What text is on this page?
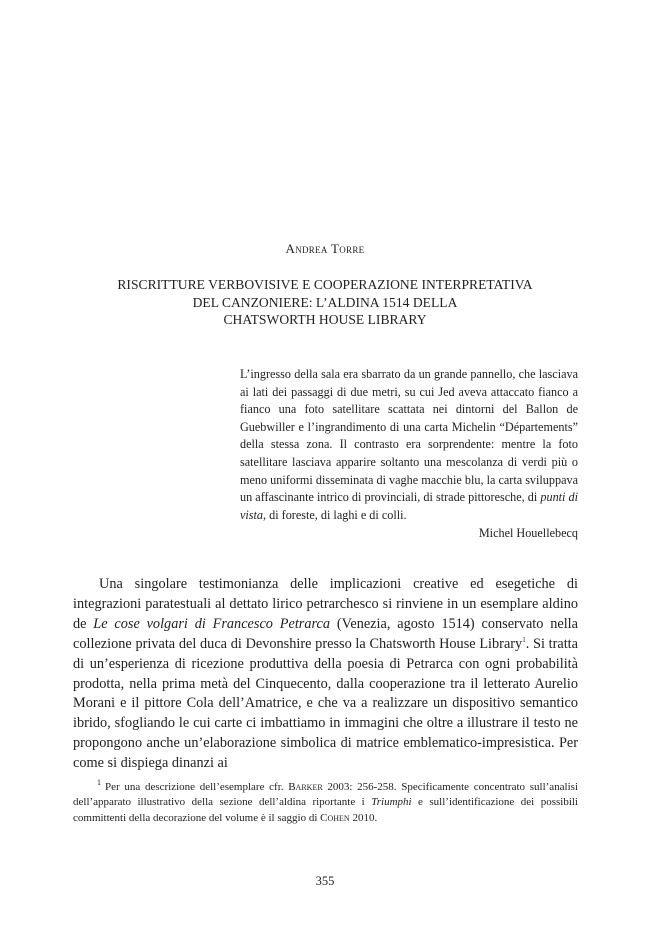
Andrea Torre
RISCRITTURE VERBOVISIVE E COOPERAZIONE INTERPRETATIVA
DEL CANZONIERE: L’ALDINA 1514 DELLA
CHATSWORTH HOUSE LIBRARY

L’ingresso della sala era sbarrato da un grande pannello, che lasciava ai lati dei passaggi di due metri, su cui Jed aveva attaccato fianco a fianco una foto satellitare scattata nei dintorni del Ballon de Guebwiller e l’ingrandimento di una carta Michelin “Départements” della stessa zona. Il contrasto era sorprendente: mentre la foto satellitare lasciava apparire soltanto una mescolanza di verdi più o meno uniformi disseminata di vaghe macchie blu, la carta sviluppava un affascinante intrico di provinciali, di strade pittoresche, di punti di vista, di foreste, di laghi e di colli.

Michel Houellebecq

Una singolare testimonianza delle implicazioni creative ed esegetiche di integrazioni paratestuali al dettato lirico petrarchesco si rinviene in un esemplare aldino de Le cose volgari di Francesco Petrarca (Venezia, agosto 1514) conservato nella collezione privata del duca di Devonshire presso la Chatsworth House Library$^1$. Si tratta di un’esperienza di ricezione produttiva della poesia di Petrarca con ogni probabilità prodotta, nella prima metà del Cinquecento, dalla cooperazione tra il letterato Aurelio Morani e il pittore Cola dell’Amatrice, e che va a realizzare un dispositivo semantico ibrido, sfogliando le cui carte ci imbattiamo in immagini che oltre a illustrare il testo ne propongono anche un’elaborazione simbolica di matrice emblematico-impresistica. Per come si dispiega dinanzi ai

$^1$ Per una descrizione dell’esemplare cfr. Barker 2003: 256-258. Specificamente concentrato sull’analisi dell’apparato illustrativo della sezione dell’aldina riportante i Triumphi e sull’identificazione dei possibili committenti della decorazione del volume è il saggio di Cohen 2010.

355
